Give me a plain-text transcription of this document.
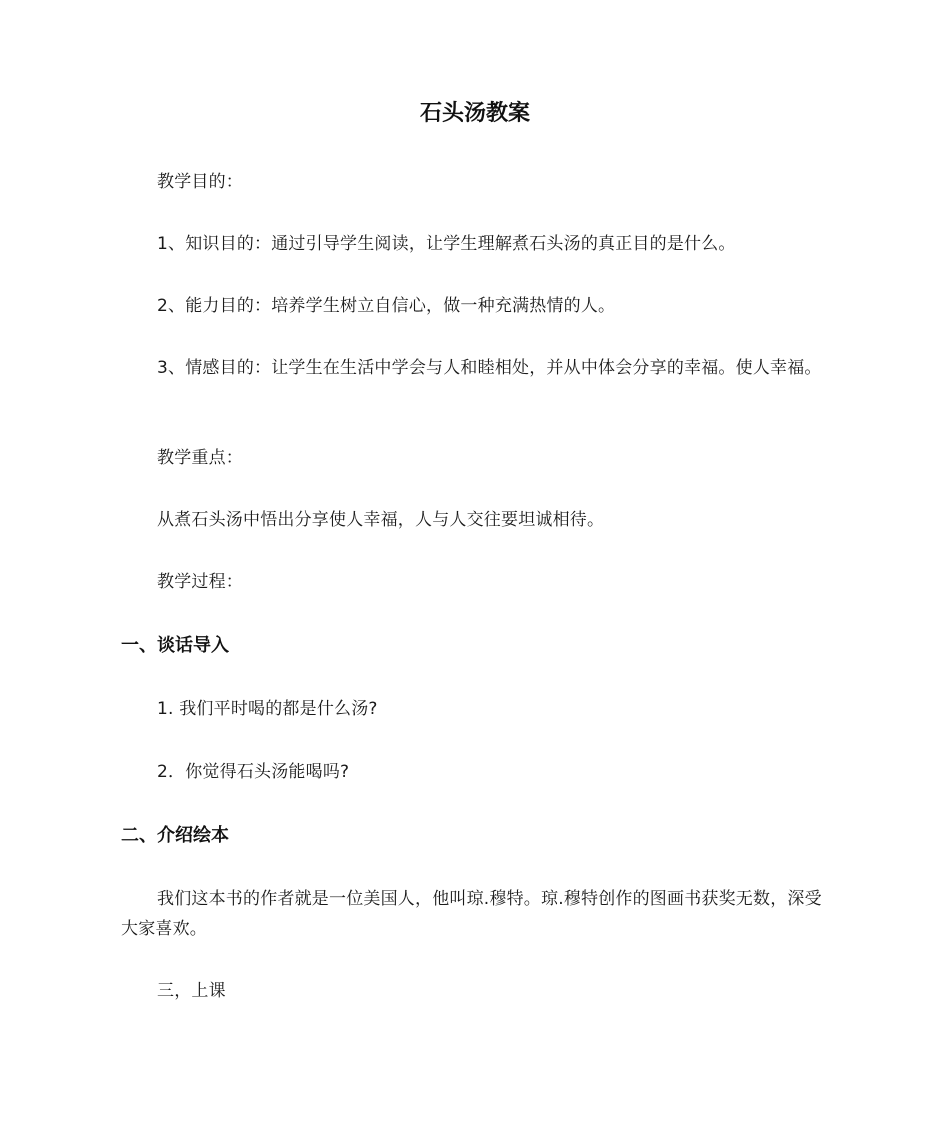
石头汤教案
教学目的：
1、知识目的：通过引导学生阅读，让学生理解煮石头汤的真正目的是什么。
2、能力目的：培养学生树立自信心，做一种充满热情的人。
3、情感目的：让学生在生活中学会与人和睦相处，并从中体会分享的幸福。使人幸福。
教学重点：
从煮石头汤中悟出分享使人幸福，人与人交往要坦诚相待。
教学过程：
一、谈话导入
1. 我们平时喝的都是什么汤?
2．你觉得石头汤能喝吗?
二、介绍绘本
我们这本书的作者就是一位美国人，他叫琼.穆特。琼.穆特创作的图画书获奖无数，深受大家喜欢。
三，上课
